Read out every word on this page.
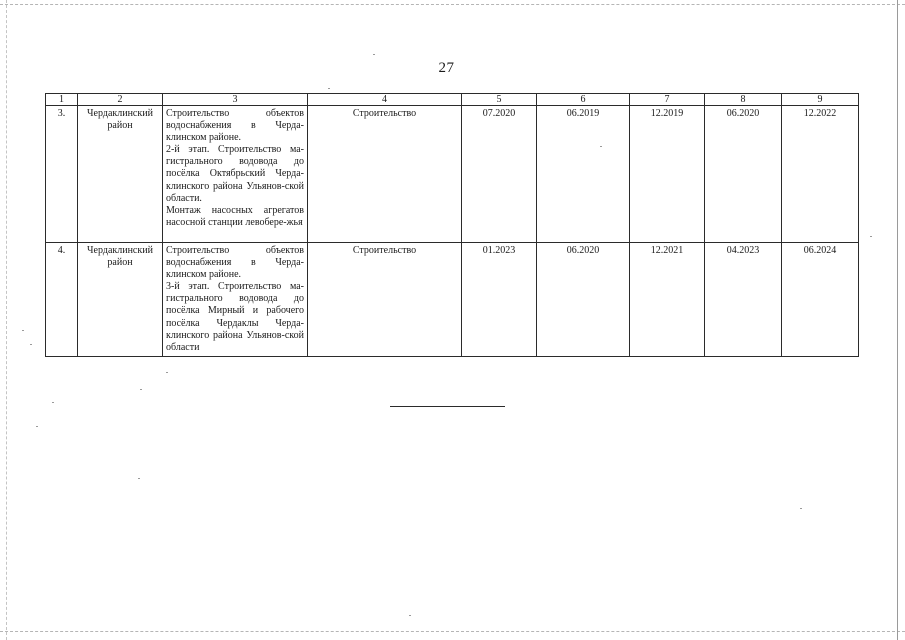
27
1	2	3	4	5	6	7	8	9
3.	Чердаклинский район	Строительство объектов водоснабжения в Черда-клинском районе.
2-й этап. Строительство ма-гистрального водовода до посёлка Октябрьский Черда-клинского района Ульянов-ской области.
Монтаж насосных агрегатов насосной станции левобере-жья	Строительство	07.2020	06.2019	12.2019	06.2020	12.2022
4.	Чердаклинский район	Строительство объектов водоснабжения в Черда-клинском районе.
3-й этап. Строительство ма-гистрального водовода до посёлка Мирный и рабочего посёлка Чердаклы Черда-клинского района Ульянов-ской области	Строительство	01.2023	06.2020	12.2021	04.2023	06.2024
